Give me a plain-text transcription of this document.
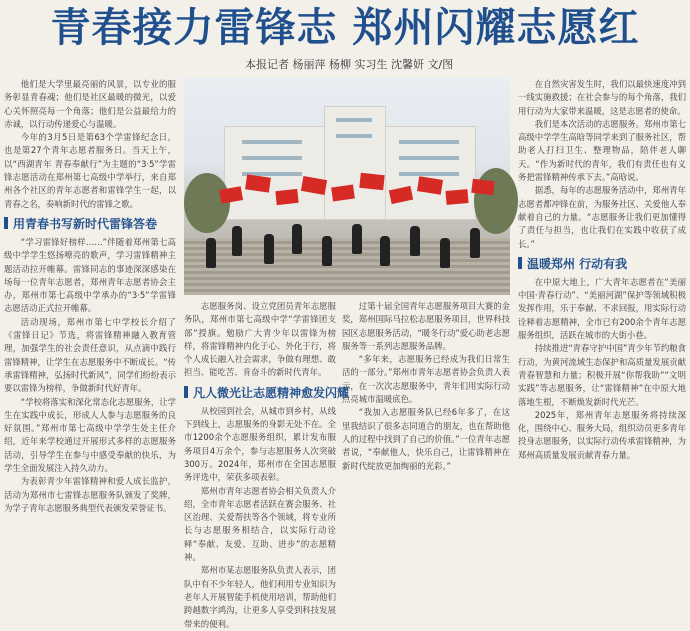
青春接力雷锋志 郑州闪耀志愿红
本报记者 杨丽萍 杨柳 实习生 沈馨妍 文/图

他们是大学里最亮丽的风景，以专业的服务彰显青春魂；他们是社区最暖的微光，以爱心关怀照亮每一个角落；他们是公益最给力的赤诚，以行动传递爱心与温暖。

今年的3月5日是第63个学雷锋纪念日，也是第27个青年志愿者服务日。当天上午，以“西湖青年 青春奉献行”为主题的“3·5”学雷锋志愿活动在郑州第七高级中学举行，来自郑州各个社区的青年志愿者和雷锋学生一起，以青春之名，奏响新时代的雷锋之歌。

用青春书写新时代雷锋答卷

“学习雷锋好榜样……”伴随着郑州第七高级中学学生悠扬嘹亮的歌声，学习雷锋精神主题活动拉开帷幕。雷锋同志的事迹深深感染在场每一位青年志愿者，郑州青年志愿者协会主办，郑州市第七高级中学承办的“3·5”学雷锋志愿活动正式拉开帷幕。

活动现场，郑州市第七中学校长介绍了《雷锋日记》节选，将雷锋精神融入教育管理，加强学生的社会责任意识，从点滴中践行雷锋精神，让学生在志愿服务中不断成长。“传承雷锋精神，弘扬时代新风”，同学们纷纷表示要以雷锋为榜样，争做新时代好青年。

“学校将落实和深化常态化志愿服务，让学生在实践中成长，形成人人参与志愿服务的良好氛围。”郑州市第七高级中学学生处主任介绍，近年来学校通过开展形式多样的志愿服务活动，引导学生在参与中感受奉献的快乐，为学生全面发展注入持久动力。

为表彰青少年雷锋精神和爱人成长监护，活动为郑州市七雷锋志愿服务队颁发了奖牌，为学子青年志愿服务典型代表颁发荣誉证书。

志愿服务岗、设立党团员青年志愿服务队，郑州市第七高级中学“学雷锋团支部”授旗。勉励广大青少年以雷锋为榜样，将雷锋精神内化于心、外化于行，将个人成长融入社会需求，争做有理想、敢担当、能吃苦、肯奋斗的新时代青年。

凡人微光让志愿精神愈发闪耀

从校园到社会，从城市到乡村，从线下到线上，志愿服务的身影无处不在。全市1200余个志愿服务组织，累计发布服务项目4万余个，参与志愿服务人次突破300万。2024年，郑州市在全国志愿服务评选中，荣获多项表彰。

郑州市青年志愿者协会相关负责人介绍，全市青年志愿者活跃在赛会服务、社区治理、关爱帮扶等各个领域，将专业所长与志愿服务相结合，以实际行动诠释“奉献、友爱、互助、进步”的志愿精神。

郑州市某志愿服务队负责人表示，团队中有不少年轻人，他们利用专业知识为老年人开展智能手机使用培训，帮助他们跨越数字鸿沟，让更多人享受到科技发展带来的便利。

过第十届全国青年志愿服务项目大赛的金奖，郑州国际马拉松志愿服务项目，世界科技园区志愿服务活动，“暖冬行动”爱心助老志愿服务等一系列志愿服务品牌。

“多年来，志愿服务已经成为我们日常生活的一部分。”郑州市青年志愿者协会负责人表示，在一次次志愿服务中，青年们用实际行动点亮城市温暖底色。

“我加入志愿服务队已经6年多了，在这里我结识了很多志同道合的朋友，也在帮助他人的过程中找到了自己的价值。”一位青年志愿者说，“奉献他人，快乐自己，让雷锋精神在新时代绽放更加绚丽的光彩。”

在自然灾害发生时，我们以最快速度冲到一线实施救援；在社会参与的每个角落，我们用行动为大家带来温暖，这是志愿者的使命。

我们是本次活动的志愿服务。郑州市第七高级中学学生高晗等同学来到了服务社区，帮助老人打扫卫生、整理物品，陪伴老人聊天。“作为新时代的青年，我们有责任也有义务把雷锋精神传承下去。”高晗说。

据悉，每年的志愿服务活动中，郑州青年志愿者都冲锋在前，为服务社区、关爱他人奉献着自己的力量。“志愿服务让我们更加懂得了责任与担当，也让我们在实践中收获了成长。”

温暖郑州 行动有我

在中原大地上，广大青年志愿者在“美丽中国·青春行动”、“美丽河湖”保护等领域积极发挥作用，乐于奉献、不求回报，用实际行动诠释着志愿精神，全市已有200余个青年志愿服务组织，活跃在城市的大街小巷。

持续推进“青春守护中国”青少年节约粮食行动，为黄河流域生态保护和高质量发展贡献青春智慧和力量；积极开展“你帮我助”“文明实践”等志愿服务，让“雷锋精神”在中原大地落地生根，不断焕发新时代光芒。

2025年，郑州青年志愿服务将持续深化，围绕中心、服务大局，组织动员更多青年投身志愿服务，以实际行动传承雷锋精神，为郑州高质量发展贡献青春力量。
